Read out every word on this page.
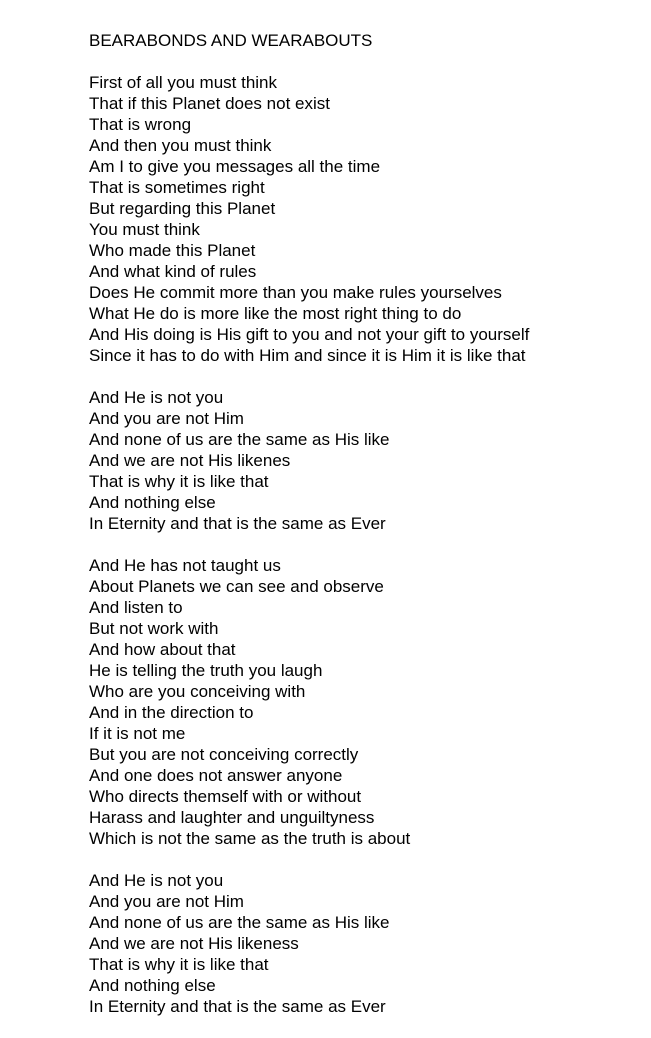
BEARABONDS AND WEARABOUTS
First of all you must think
That if this Planet does not exist
That is wrong
And then you must think
Am I to give you messages all the time
That is sometimes right
But regarding this Planet
You must think
Who made this Planet
And what kind of rules
Does He commit more than you make rules yourselves
What He do is more like the most right thing to do
And His doing is His gift to you and not your gift to yourself
Since it has to do with Him and since it is Him it is like that
And He is not you
And you are not Him
And none of us are the same as His like
And we are not His likenes
That is why it is like that
And nothing else
In Eternity and that is the same as Ever
And He has not taught us
About Planets we can see and observe
And listen to
But not work with
And how about that
He is telling the truth you laugh
Who are you conceiving with
And in the direction to
If it is not me
But you are not conceiving correctly
And one does not answer anyone
Who directs themself with or without
Harass and laughter and unguiltyness
Which is not the same as the truth is about
And He is not you
And you are not Him
And none of us are the same as His like
And we are not His likeness
That is why it is like that
And nothing else
In Eternity and that is the same as Ever
